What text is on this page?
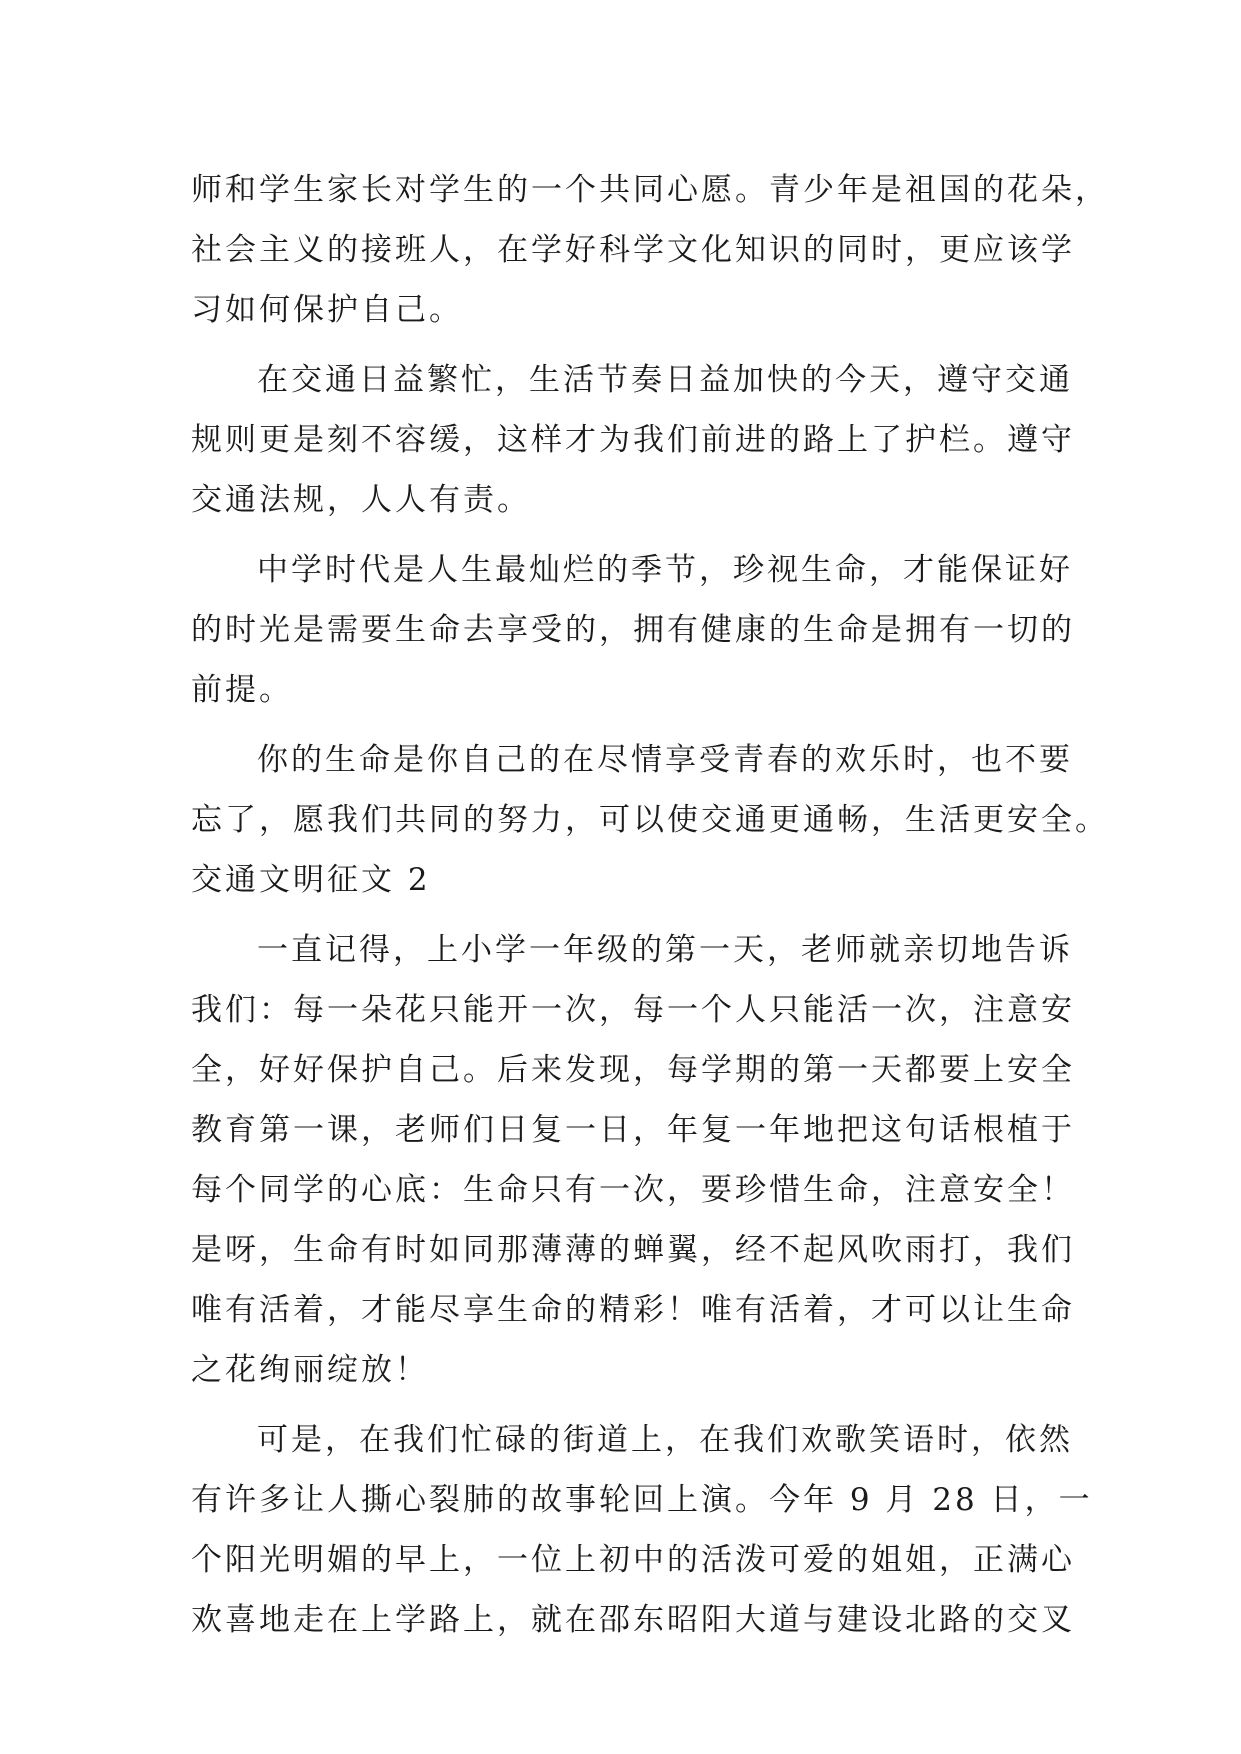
师和学生家长对学生的一个共同心愿。青少年是祖国的花朵，
社会主义的接班人，在学好科学文化知识的同时，更应该学
习如何保护自己。
在交通日益繁忙，生活节奏日益加快的今天，遵守交通
规则更是刻不容缓，这样才为我们前进的路上了护栏。遵守
交通法规，人人有责。
中学时代是人生最灿烂的季节，珍视生命，才能保证好
的时光是需要生命去享受的，拥有健康的生命是拥有一切的
前提。
你的生命是你自己的在尽情享受青春的欢乐时，也不要
忘了，愿我们共同的努力，可以使交通更通畅，生活更安全。
交通文明征文 2
一直记得，上小学一年级的第一天，老师就亲切地告诉
我们：每一朵花只能开一次，每一个人只能活一次，注意安
全，好好保护自己。后来发现，每学期的第一天都要上安全
教育第一课，老师们日复一日，年复一年地把这句话根植于
每个同学的心底：生命只有一次，要珍惜生命，注意安全！
是呀，生命有时如同那薄薄的蝉翼，经不起风吹雨打，我们
唯有活着，才能尽享生命的精彩！唯有活着，才可以让生命
之花绚丽绽放！
可是，在我们忙碌的街道上，在我们欢歌笑语时，依然
有许多让人撕心裂肺的故事轮回上演。今年 9 月 28 日，一
个阳光明媚的早上，一位上初中的活泼可爱的姐姐，正满心
欢喜地走在上学路上，就在邵东昭阳大道与建设北路的交叉
